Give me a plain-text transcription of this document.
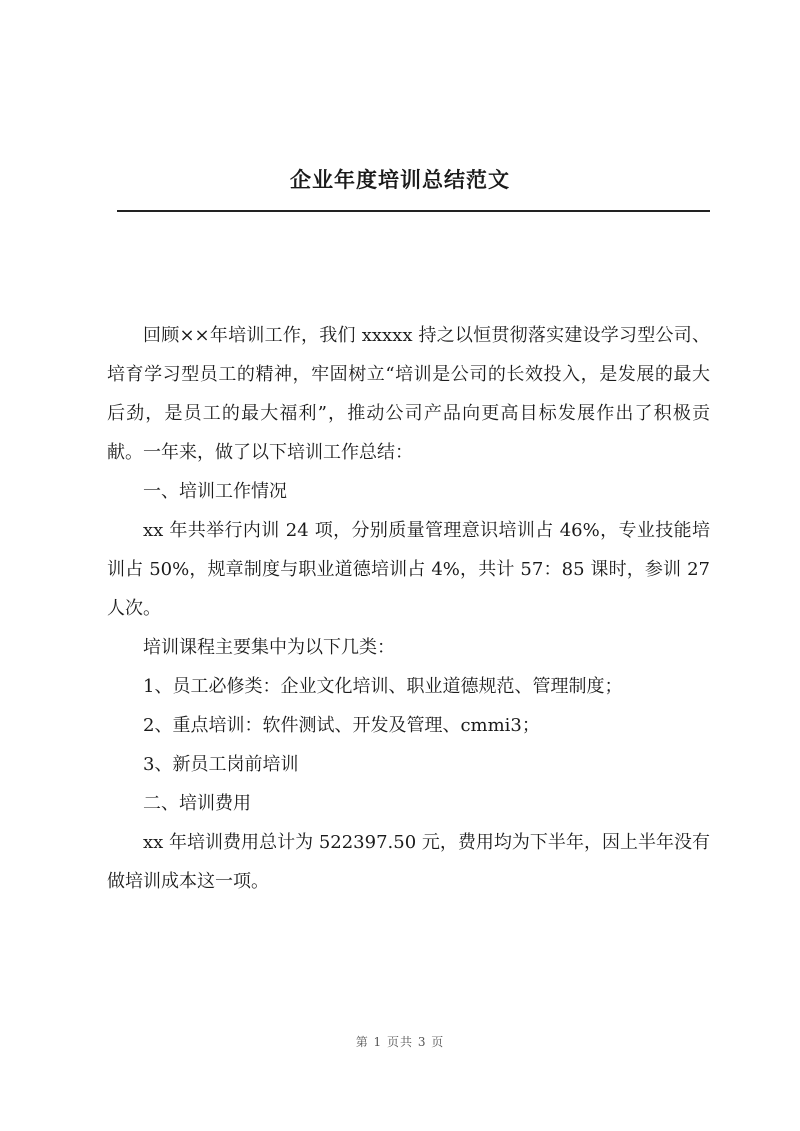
企业年度培训总结范文

回顾××年培训工作，我们 xxxxx 持之以恒贯彻落实建设学习型公司、培育学习型员工的精神，牢固树立“培训是公司的长效投入，是发展的最大后劲，是员工的最大福利”，推动公司产品向更高目标发展作出了积极贡献。一年来，做了以下培训工作总结：

一、培训工作情况

xx 年共举行内训 24 项，分别质量管理意识培训占 46%，专业技能培训占 50%，规章制度与职业道德培训占 4%，共计 57：85 课时，参训 27 人次。

培训课程主要集中为以下几类：

1、员工必修类：企业文化培训、职业道德规范、管理制度；

2、重点培训：软件测试、开发及管理、cmmi3；

3、新员工岗前培训

二、培训费用

xx 年培训费用总计为 522397.50 元，费用均为下半年，因上半年没有做培训成本这一项。

第 1 页共 3 页
